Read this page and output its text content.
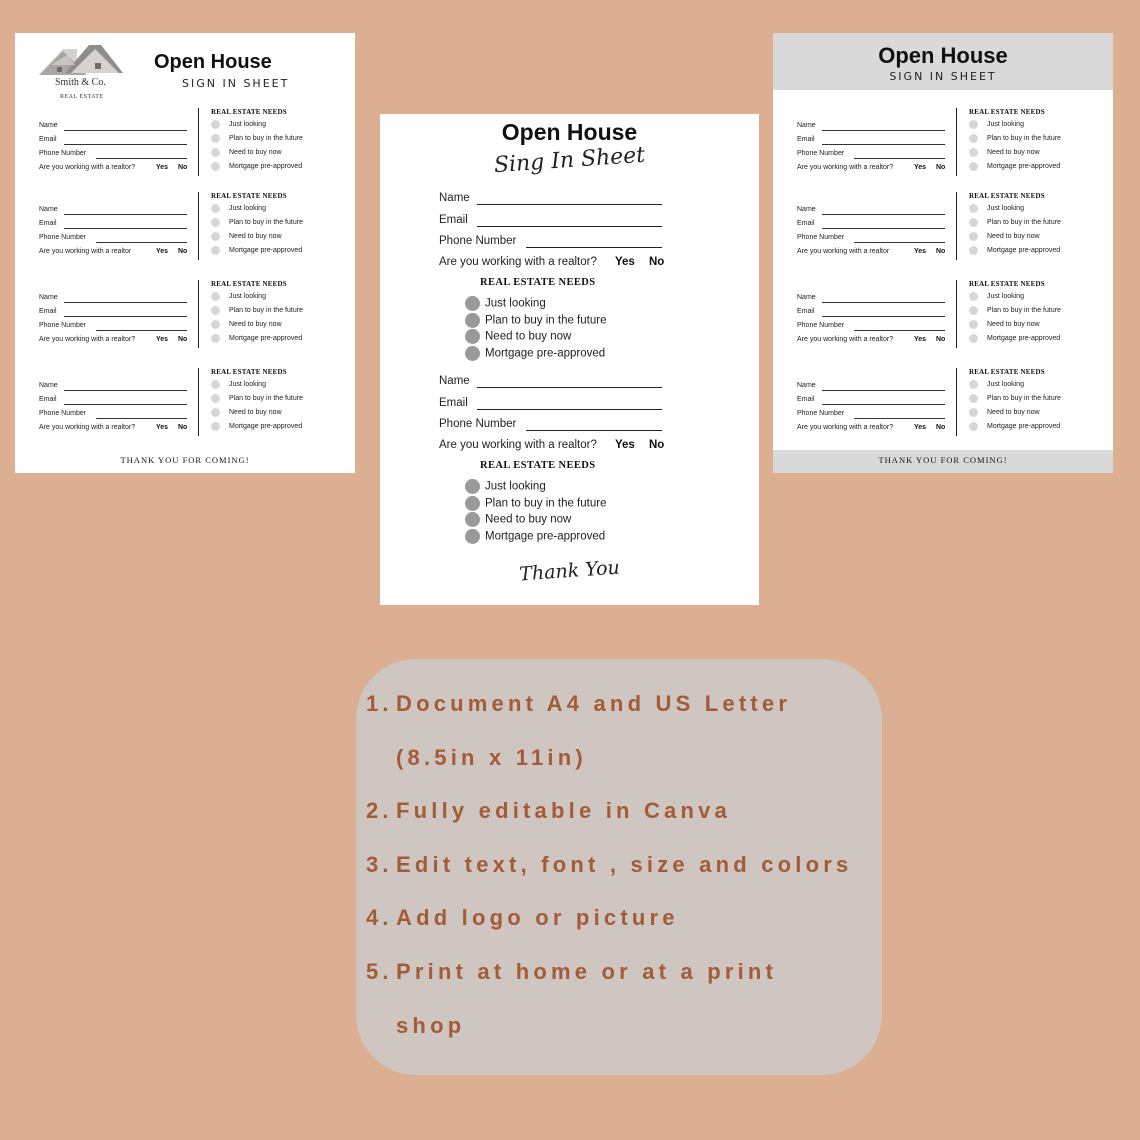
Smith & Co.
REAL ESTATE
Open House
SIGN IN SHEET
THANK YOU FOR COMING!
Name
Email
Phone Number
Are you working with a realtor?	Yes No
REAL ESTATE NEEDS
Just looking
Plan to buy in the future
Need to buy now
Mortgage pre-approved
Name
Email
Phone Number
Are you working with a realtor	Yes No
REAL ESTATE NEEDS
Just looking
Plan to buy in the future
Need to buy now
Mortgage pre-approved
Name
Email
Phone Number
Are you working with a realtor?	Yes No
REAL ESTATE NEEDS
Just looking
Plan to buy in the future
Need to buy now
Mortgage pre-approved
Name
Email
Phone Number
Are you working with a realtor?	Yes No
REAL ESTATE NEEDS
Just looking
Plan to buy in the future
Need to buy now
Mortgage pre-approved
Open House
SIGN IN SHEET
THANK YOU FOR COMING!
Name
Email
Phone Number
Are you working with a realtor?	Yes No
REAL ESTATE NEEDS
Just looking
Plan to buy in the future
Need to buy now
Mortgage pre-approved
Name
Email
Phone Number
Are you working with a realtor	Yes No
REAL ESTATE NEEDS
Just looking
Plan to buy in the future
Need to buy now
Mortgage pre-approved
Name
Email
Phone Number
Are you working with a realtor?	Yes No
REAL ESTATE NEEDS
Just looking
Plan to buy in the future
Need to buy now
Mortgage pre-approved
Name
Email
Phone Number
Are you working with a realtor?	Yes No
REAL ESTATE NEEDS
Just looking
Plan to buy in the future
Need to buy now
Mortgage pre-approved
Open House
Sing In Sheet
Thank You
Name
Email
Phone Number
Are you working with a realtor? Yes No
REAL ESTATE NEEDS
Just looking
Plan to buy in the future
Need to buy now
Mortgage pre-approved
Name
Email
Phone Number
Are you working with a realtor? Yes No
REAL ESTATE NEEDS
Just looking
Plan to buy in the future
Need to buy now
Mortgage pre-approved
1. Document A4 and US Letter
(8.5in x 11in)
2. Fully editable in Canva
3. Edit text, font , size and colors
4. Add logo or picture
5. Print at home or at a print
shop
